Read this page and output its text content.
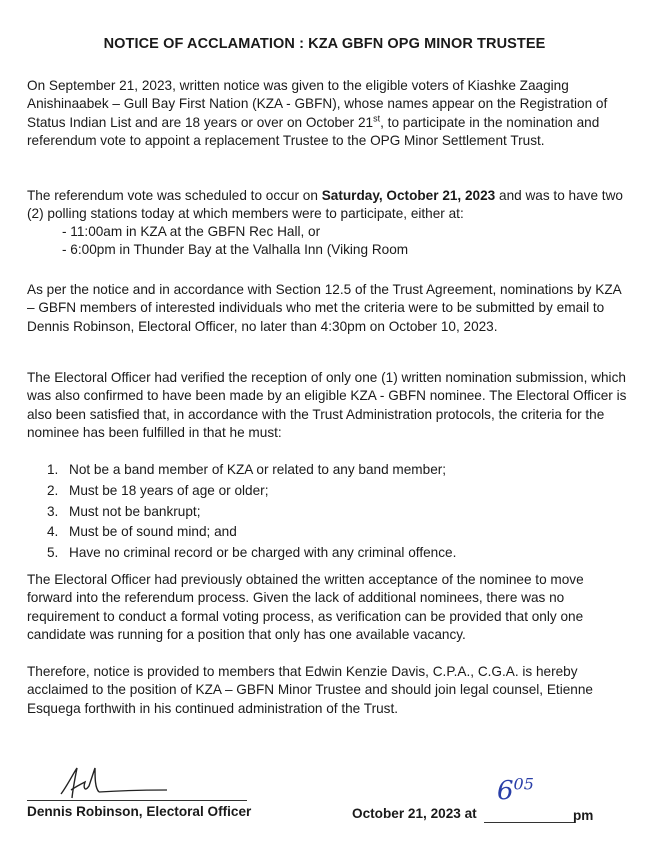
NOTICE OF ACCLAMATION : KZA GBFN OPG MINOR TRUSTEE

On September 21, 2023, written notice was given to the eligible voters of Kiashke Zaaging Anishinaabek – Gull Bay First Nation (KZA - GBFN), whose names appear on the Registration of Status Indian List and are 18 years or over on October 21st, to participate in the nomination and referendum vote to appoint a replacement Trustee to the OPG Minor Settlement Trust.

The referendum vote was scheduled to occur on Saturday, October 21, 2023 and was to have two (2) polling stations today at which members were to participate, either at:

- 11:00am in KZA at the GBFN Rec Hall, or
- 6:00pm in Thunder Bay at the Valhalla Inn (Viking Room

As per the notice and in accordance with Section 12.5 of the Trust Agreement, nominations by KZA – GBFN members of interested individuals who met the criteria were to be submitted by email to Dennis Robinson, Electoral Officer, no later than 4:30pm on October 10, 2023.

The Electoral Officer had verified the reception of only one (1) written nomination submission, which was also confirmed to have been made by an eligible KZA - GBFN nominee. The Electoral Officer is also been satisfied that, in accordance with the Trust Administration protocols, the criteria for the nominee has been fulfilled in that he must:

1. Not be a band member of KZA or related to any band member;
2. Must be 18 years of age or older;
3. Must not be bankrupt;
4. Must be of sound mind; and
5. Have no criminal record or be charged with any criminal offence.

The Electoral Officer had previously obtained the written acceptance of the nominee to move forward into the referendum process. Given the lack of additional nominees, there was no requirement to conduct a formal voting process, as verification can be provided that only one candidate was running for a position that only has one available vacancy.

Therefore, notice is provided to members that Edwin Kenzie Davis, C.P.A., C.G.A. is hereby acclaimed to the position of KZA – GBFN Minor Trustee and should join legal counsel, Etienne Esquega forthwith in his continued administration of the Trust.

Dennis Robinson, Electoral Officer	October 21, 2023 at
$6^{05}$
pm
